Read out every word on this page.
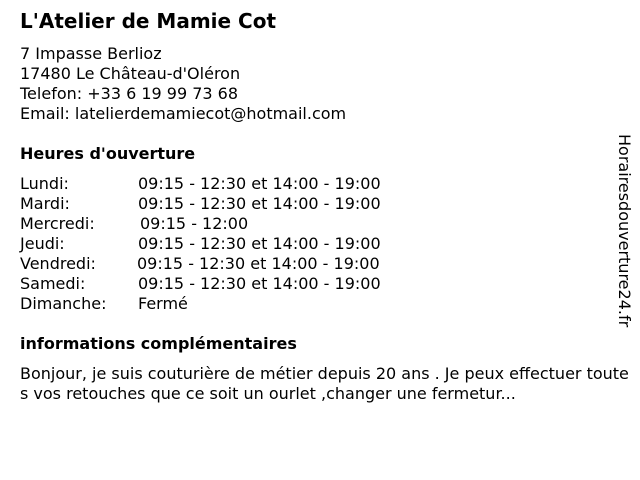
L'Atelier de Mamie Cot
7 Impasse Berlioz
17480 Le Château-d'Oléron
Telefon: +33 6 19 99 73 68
Email: latelierdemamiecot@hotmail.com
Heures d'ouverture
Lundi:	09:15 - 12:30 et 14:00 - 19:00
Mardi:	09:15 - 12:30 et 14:00 - 19:00
Mercredi:	09:15 - 12:00
Jeudi:	09:15 - 12:30 et 14:00 - 19:00
Vendredi:	09:15 - 12:30 et 14:00 - 19:00
Samedi:	09:15 - 12:30 et 14:00 - 19:00
Dimanche: Fermé
informations complémentaires
Bonjour, je suis couturière de métier depuis 20 ans . Je peux effectuer toutes vos retouches que ce soit un ourlet ,changer une fermetur...
Horairesdouverture24.fr
